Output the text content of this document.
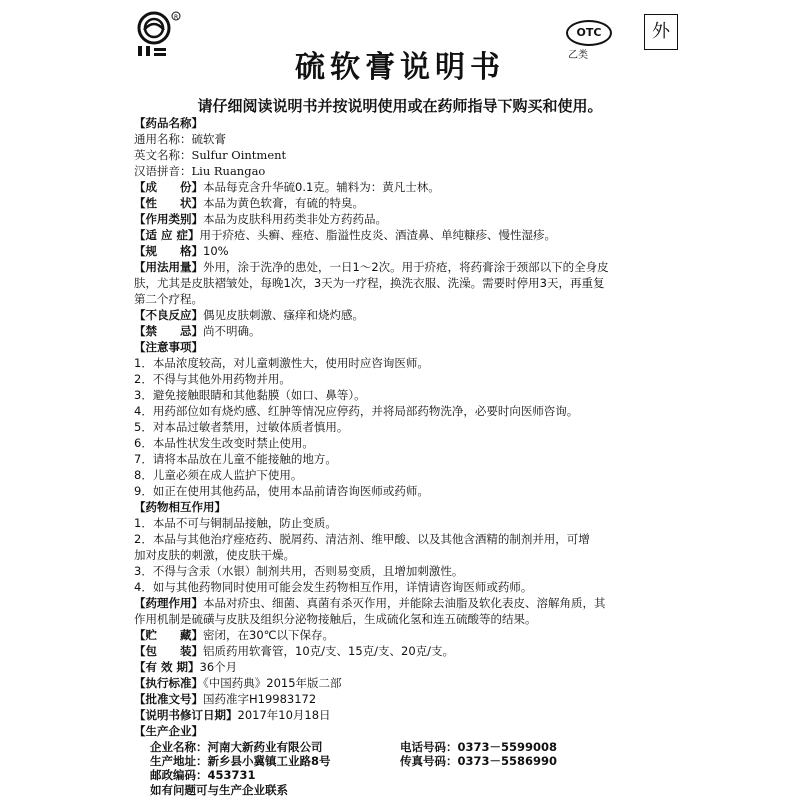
R
OTC
乙类
外
硫软膏说明书
请仔细阅读说明书并按说明使用或在药师指导下购买和使用。
【药品名称】
通用名称：硫软膏
英文名称：Sulfur Ointment
汉语拼音：Liu Ruangao
【成　　份】本品每克含升华硫0.1克。辅料为：黄凡士林。
【性　　状】本品为黄色软膏，有硫的特臭。
【作用类别】本品为皮肤科用药类非处方药药品。
【适 应 症】用于疥疮、头癣、痤疮、脂溢性皮炎、酒渣鼻、单纯糠疹、慢性湿疹。
【规　　格】10%
【用法用量】外用，涂于洗净的患处，一日1～2次。用于疥疮，将药膏涂于颈部以下的全身皮
肤，尤其是皮肤褶皱处，每晚1次，3天为一疗程，换洗衣服、洗澡。需要时停用3天，再重复
第二个疗程。
【不良反应】偶见皮肤刺激、瘙痒和烧灼感。
【禁　　忌】尚不明确。
【注意事项】
1．本品浓度较高，对儿童刺激性大，使用时应咨询医师。
2．不得与其他外用药物并用。
3．避免接触眼睛和其他黏膜（如口、鼻等）。
4．用药部位如有烧灼感、红肿等情况应停药，并将局部药物洗净，必要时向医师咨询。
5．对本品过敏者禁用，过敏体质者慎用。
6．本品性状发生改变时禁止使用。
7．请将本品放在儿童不能接触的地方。
8．儿童必须在成人监护下使用。
9．如正在使用其他药品，使用本品前请咨询医师或药师。
【药物相互作用】
1．本品不可与铜制品接触，防止变质。
2．本品与其他治疗痤疮药、脱屑药、清洁剂、维甲酸、以及其他含酒精的制剂并用，可增
加对皮肤的刺激，使皮肤干燥。
3．不得与含汞（水银）制剂共用，否则易变质，且增加刺激性。
4．如与其他药物同时使用可能会发生药物相互作用，详情请咨询医师或药师。
【药理作用】本品对疥虫、细菌、真菌有杀灭作用，并能除去油脂及软化表皮、溶解角质，其
作用机制是硫磺与皮肤及组织分泌物接触后，生成硫化氢和连五硫酸等的结果。
【贮　　藏】密闭，在30℃以下保存。
【包　　装】铝质药用软膏管，10克/支、15克/支、20克/支。
【有 效 期】36个月
【执行标准】《中国药典》2015年版二部
【批准文号】国药准字H19983172
【说明书修订日期】2017年10月18日
【生产企业】
企业名称：河南大新药业有限公司	电话号码：0373－5599008
生产地址：新乡县小冀镇工业路8号	传真号码：0373－5586990
邮政编码：453731
如有问题可与生产企业联系
